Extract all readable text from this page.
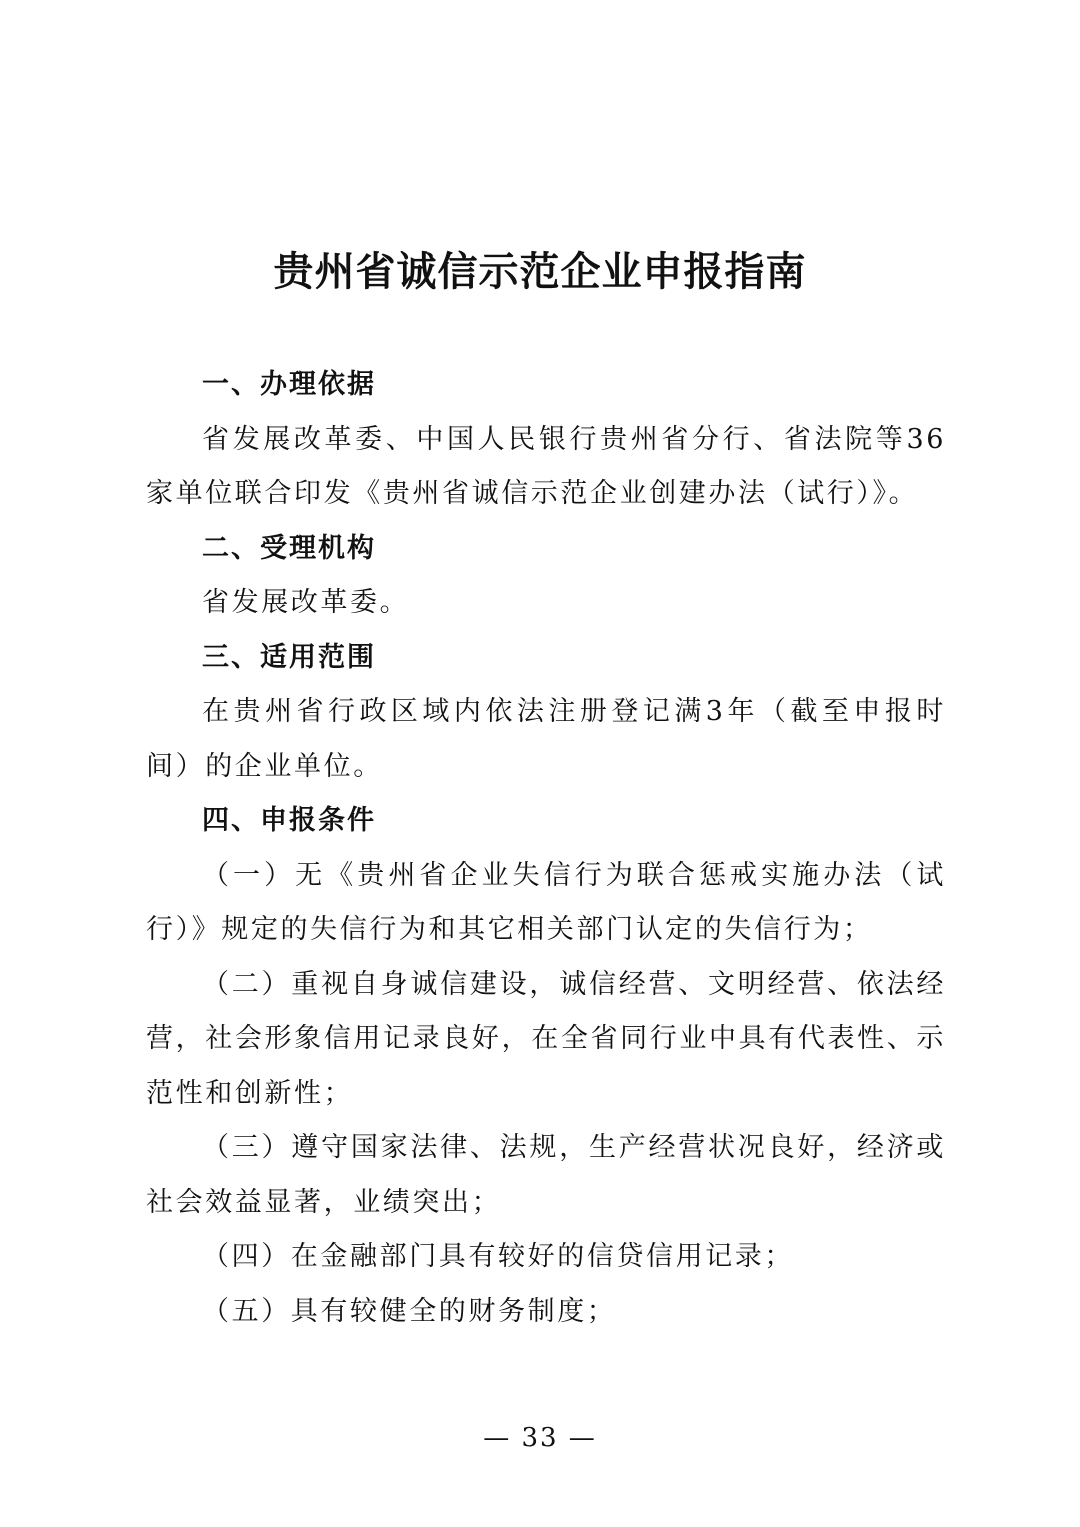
贵州省诚信示范企业申报指南
一、办理依据

省发展改革委、中国人民银行贵州省分行、省法院等36家单位联合印发《贵州省诚信示范企业创建办法（试行）》。

二、受理机构

省发展改革委。

三、适用范围

在贵州省行政区域内依法注册登记满3年（截至申报时间）的企业单位。

四、申报条件

（一）无《贵州省企业失信行为联合惩戒实施办法（试行）》规定的失信行为和其它相关部门认定的失信行为；

（二）重视自身诚信建设，诚信经营、文明经营、依法经营，社会形象信用记录良好，在全省同行业中具有代表性、示范性和创新性；

（三）遵守国家法律、法规，生产经营状况良好，经济或社会效益显著，业绩突出；

（四）在金融部门具有较好的信贷信用记录；

（五）具有较健全的财务制度；

— 33 —
